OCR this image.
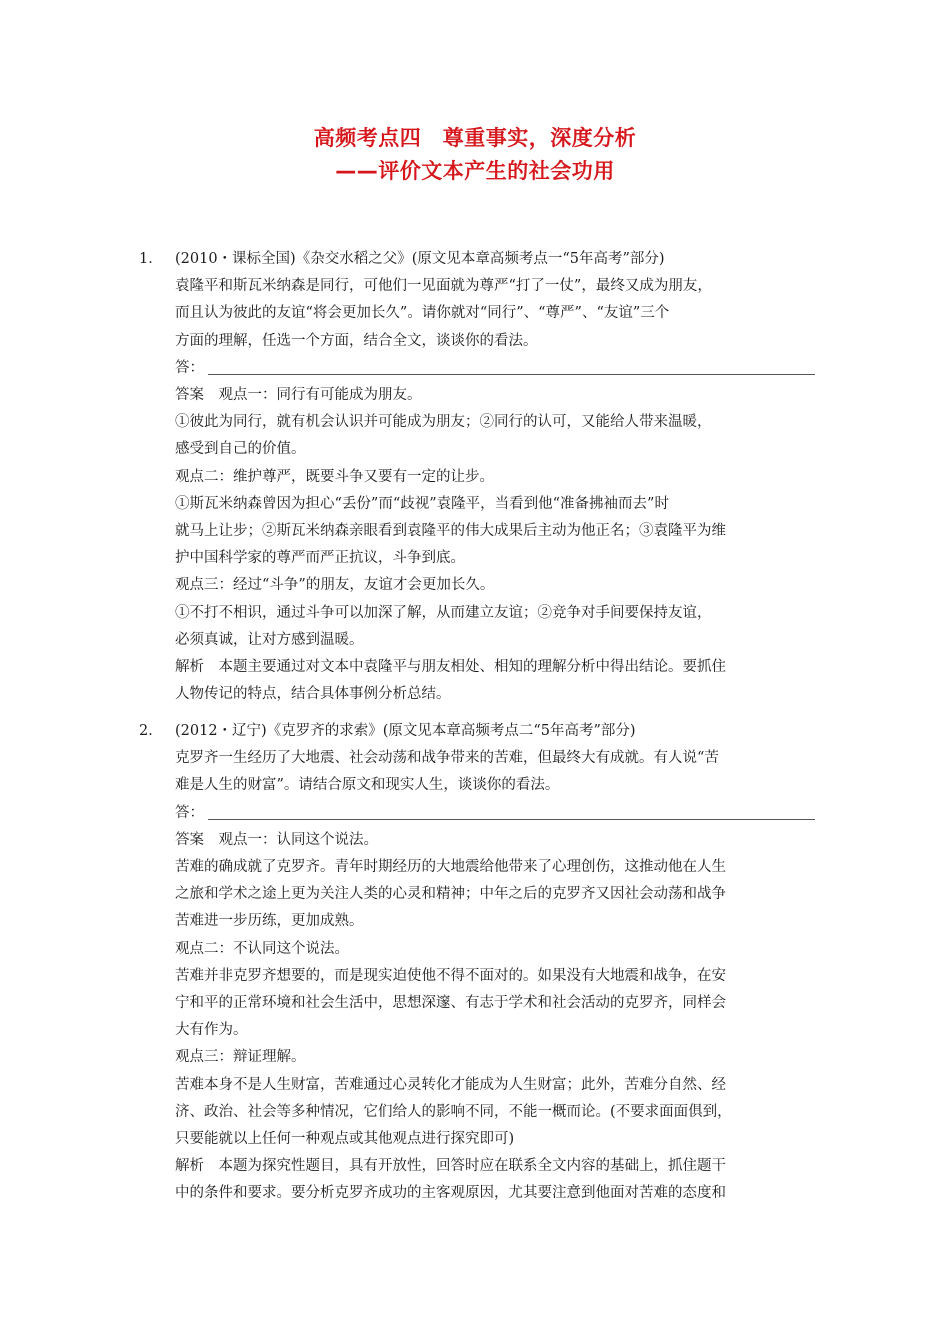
高频考点四　尊重事实，深度分析
——评价文本产生的社会功用
1． (2010・课标全国)《杂交水稻之父》(原文见本章高频考点一“5年高考”部分)

袁隆平和斯瓦米纳森是同行，可他们一见面就为尊严“打了一仗”，最终又成为朋友，

而且认为彼此的友谊“将会更加长久”。请你就对“同行”、“尊严”、“友谊”三个

方面的理解，任选一个方面，结合全文，谈谈你的看法。

答：

答案　观点一：同行有可能成为朋友。

①彼此为同行，就有机会认识并可能成为朋友；②同行的认可，又能给人带来温暖，

感受到自己的价值。

观点二：维护尊严，既要斗争又要有一定的让步。

①斯瓦米纳森曾因为担心“丢份”而“歧视”袁隆平，当看到他“准备拂袖而去”时

就马上让步；②斯瓦米纳森亲眼看到袁隆平的伟大成果后主动为他正名；③袁隆平为维

护中国科学家的尊严而严正抗议，斗争到底。

观点三：经过“斗争”的朋友，友谊才会更加长久。

①不打不相识，通过斗争可以加深了解，从而建立友谊；②竞争对手间要保持友谊，

必须真诚，让对方感到温暖。

解析　本题主要通过对文本中袁隆平与朋友相处、相知的理解分析中得出结论。要抓住

人物传记的特点，结合具体事例分析总结。

2． (2012・辽宁)《克罗齐的求索》(原文见本章高频考点二“5年高考”部分)

克罗齐一生经历了大地震、社会动荡和战争带来的苦难，但最终大有成就。有人说“苦

难是人生的财富”。请结合原文和现实人生，谈谈你的看法。

答：

答案　观点一：认同这个说法。

苦难的确成就了克罗齐。青年时期经历的大地震给他带来了心理创伤，这推动他在人生

之旅和学术之途上更为关注人类的心灵和精神；中年之后的克罗齐又因社会动荡和战争

苦难进一步历练，更加成熟。

观点二：不认同这个说法。

苦难并非克罗齐想要的，而是现实迫使他不得不面对的。如果没有大地震和战争，在安

宁和平的正常环境和社会生活中，思想深邃、有志于学术和社会活动的克罗齐，同样会

大有作为。

观点三：辩证理解。

苦难本身不是人生财富，苦难通过心灵转化才能成为人生财富；此外，苦难分自然、经

济、政治、社会等多种情况，它们给人的影响不同，不能一概而论。(不要求面面俱到，

只要能就以上任何一种观点或其他观点进行探究即可)

解析　本题为探究性题目，具有开放性，回答时应在联系全文内容的基础上，抓住题干

中的条件和要求。要分析克罗齐成功的主客观原因，尤其要注意到他面对苦难的态度和
